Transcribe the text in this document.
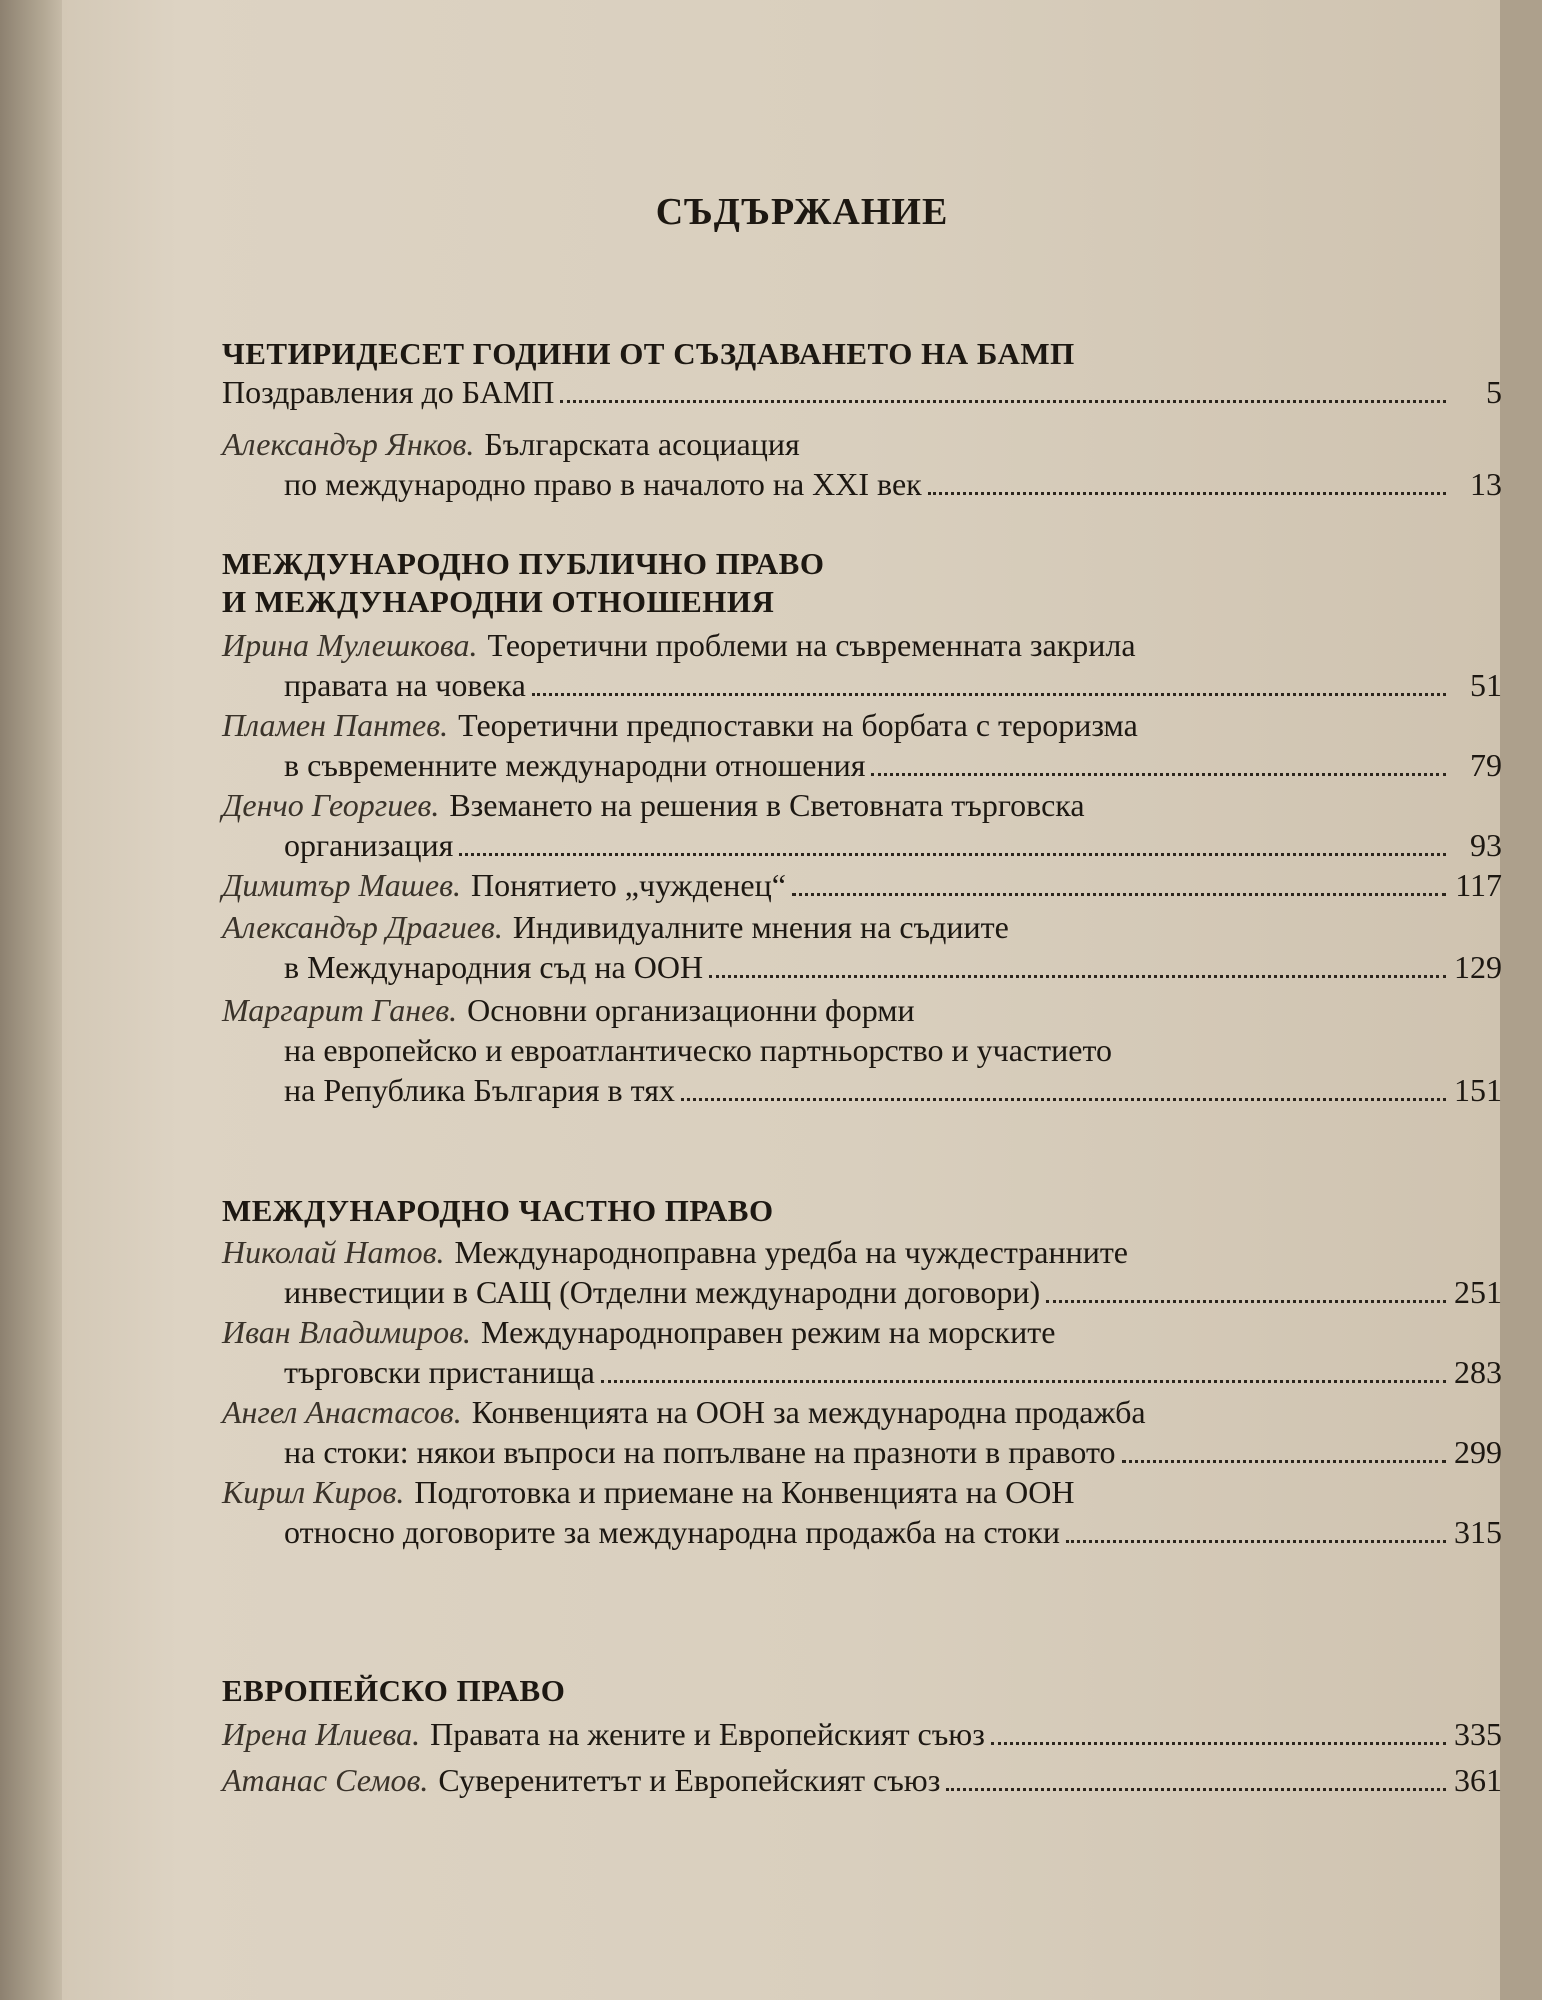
СЪДЪРЖАНИЕ
ЧЕТИРИДЕСЕТ ГОДИНИ ОТ СЪЗДАВАНЕТО НА БАМП
Поздравления до БАМП	5
Александър Янков. Българската асоциация
по международно право в началото на XXI век	13
МЕЖДУНАРОДНО ПУБЛИЧНО ПРАВО
И МЕЖДУНАРОДНИ ОТНОШЕНИЯ
Ирина Мулешкова. Теоретични проблеми на съвременната закрила
правата на човека	51
Пламен Пантев. Теоретични предпоставки на борбата с тероризма
в съвременните международни отношения	79
Денчо Георгиев. Вземането на решения в Световната търговска
организация	93
Димитър Машев. Понятието „чужденец“	117
Александър Драгиев. Индивидуалните мнения на съдиите
в Международния съд на ООН	129
Маргарит Ганев. Основни организационни форми
на европейско и евроатлантическо партньорство и участието
на Република България в тях	151
МЕЖДУНАРОДНО ЧАСТНО ПРАВО
Николай Натов. Международноправна уредба на чуждестранните
инвестиции в САЩ (Отделни международни договори)	251
Иван Владимиров. Международноправен режим на морските
търговски пристанища	283
Ангел Анастасов. Конвенцията на ООН за международна продажба
на стоки: някои въпроси на попълване на празноти в правото	299
Кирил Киров. Подготовка и приемане на Конвенцията на ООН
относно договорите за международна продажба на стоки	315
ЕВРОПЕЙСКО ПРАВО
Ирена Илиева. Правата на жените и Европейският съюз	335
Атанас Семов. Суверенитетът и Европейският съюз	361
